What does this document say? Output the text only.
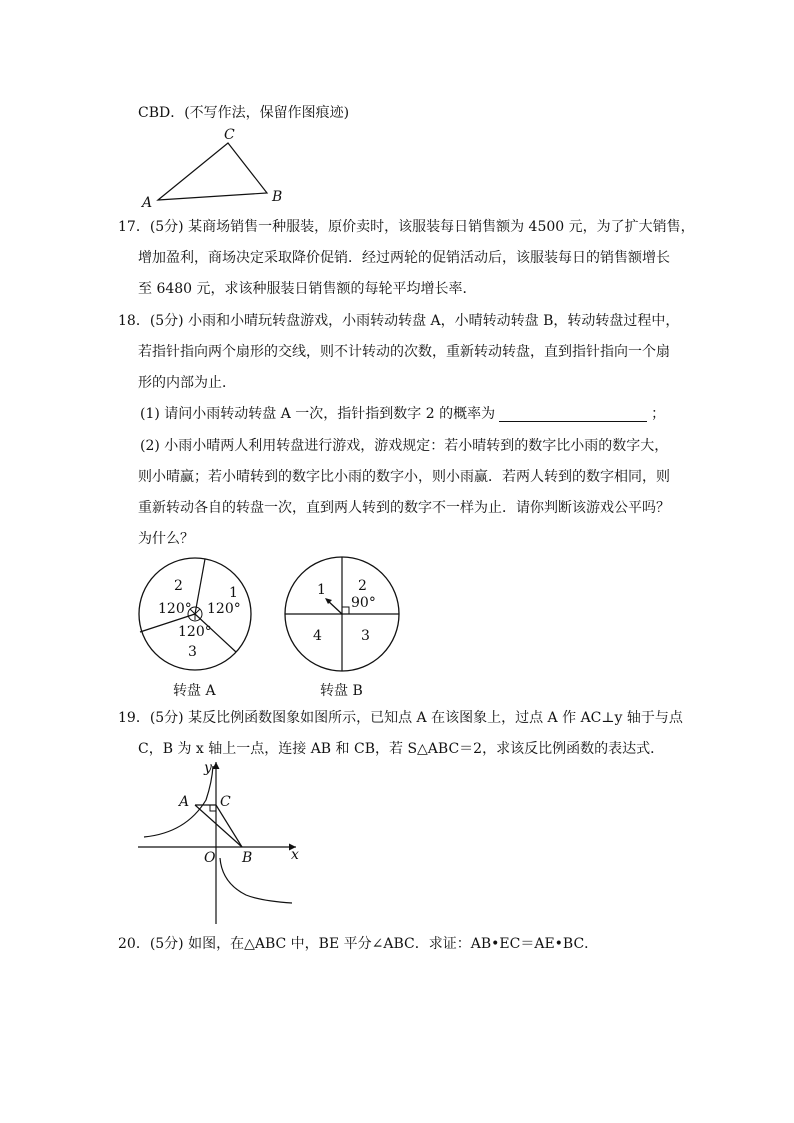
CBD．(不写作法，保留作图痕迹)
C
A	B
17．(5分) 某商场销售一种服装，原价卖时，该服装每日销售额为 4500 元，为了扩大销售，
增加盈利，商场决定采取降价促销．经过两轮的促销活动后，该服装每日的销售额增长
至 6480 元，求该种服装日销售额的每轮平均增长率．
18．(5分) 小雨和小晴玩转盘游戏，小雨转动转盘 A，小晴转动转盘 B，转动转盘过程中，
若指针指向两个扇形的交线，则不计转动的次数，重新转动转盘，直到指针指向一个扇
形的内部为止．
(1) 请问小雨转动转盘 A 一次，指针指到数字 2 的概率为	；
(2) 小雨小晴两人利用转盘进行游戏，游戏规定：若小晴转到的数字比小雨的数字大，
则小晴赢；若小晴转到的数字比小雨的数字小，则小雨赢．若两人转到的数字相同，则
重新转动各自的转盘一次，直到两人转到的数字不一样为止．请你判断该游戏公平吗？
为什么？
2
120°
1
120°
120°
3
转盘 A
1 2
90°
4	3
转盘 B
19．(5分) 某反比例函数图象如图所示，已知点 A 在该图象上，过点 A 作 AC⊥y 轴于与点
C，B 为 x 轴上一点，连接 AB 和 CB，若 S△ABC＝2，求该反比例函数的表达式．
A C
O B	x
y
20．(5分) 如图，在△ABC 中，BE 平分∠ABC．求证：AB•EC＝AE•BC．
